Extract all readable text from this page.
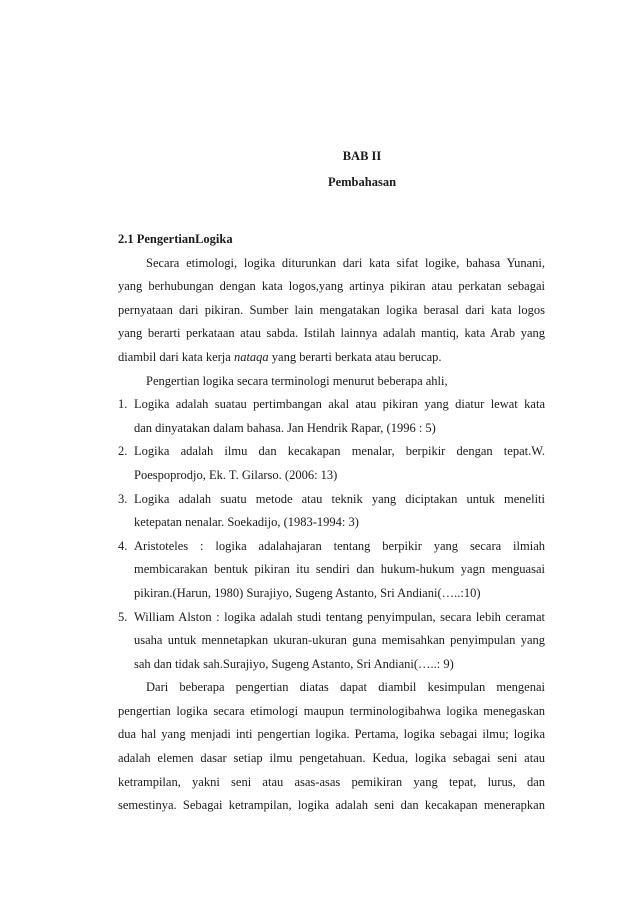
BAB II
Pembahasan
2.1 PengertianLogika
Secara etimologi, logika diturunkan dari kata sifat logike, bahasa Yunani,
yang berhubungan dengan kata logos,yang artinya pikiran atau perkatan sebagai
pernyataan dari pikiran. Sumber lain mengatakan logika berasal dari kata logos
yang berarti perkataan atau sabda. Istilah lainnya adalah mantiq, kata Arab yang
diambil dari kata kerja nataqa yang berarti berkata atau berucap.
Pengertian logika secara terminologi menurut beberapa ahli,
1. Logika adalah suatau pertimbangan akal atau pikiran yang diatur lewat kata
dan dinyatakan dalam bahasa. Jan Hendrik Rapar, (1996 : 5)
2. Logika adalah ilmu dan kecakapan menalar, berpikir dengan tepat.W.
Poespoprodjo, Ek. T. Gilarso. (2006: 13)
3. Logika adalah suatu metode atau teknik yang diciptakan untuk meneliti
ketepatan nenalar. Soekadijo, (1983-1994: 3)
4. Aristoteles : logika adalahajaran tentang berpikir yang secara ilmiah
membicarakan bentuk pikiran itu sendiri dan hukum-hukum yagn menguasai
pikiran.(Harun, 1980) Surajiyo, Sugeng Astanto, Sri Andiani(…..:10)
5. William Alston : logika adalah studi tentang penyimpulan, secara lebih ceramat
usaha untuk mennetapkan ukuran-ukuran guna memisahkan penyimpulan yang
sah dan tidak sah.Surajiyo, Sugeng Astanto, Sri Andiani(…..: 9)
Dari beberapa pengertian diatas dapat diambil kesimpulan mengenai
pengertian logika secara etimologi maupun terminologibahwa logika menegaskan
dua hal yang menjadi inti pengertian logika. Pertama, logika sebagai ilmu; logika
adalah elemen dasar setiap ilmu pengetahuan. Kedua, logika sebagai seni atau
ketrampilan, yakni seni atau asas-asas pemikiran yang tepat, lurus, dan
semestinya. Sebagai ketrampilan, logika adalah seni dan kecakapan menerapkan
